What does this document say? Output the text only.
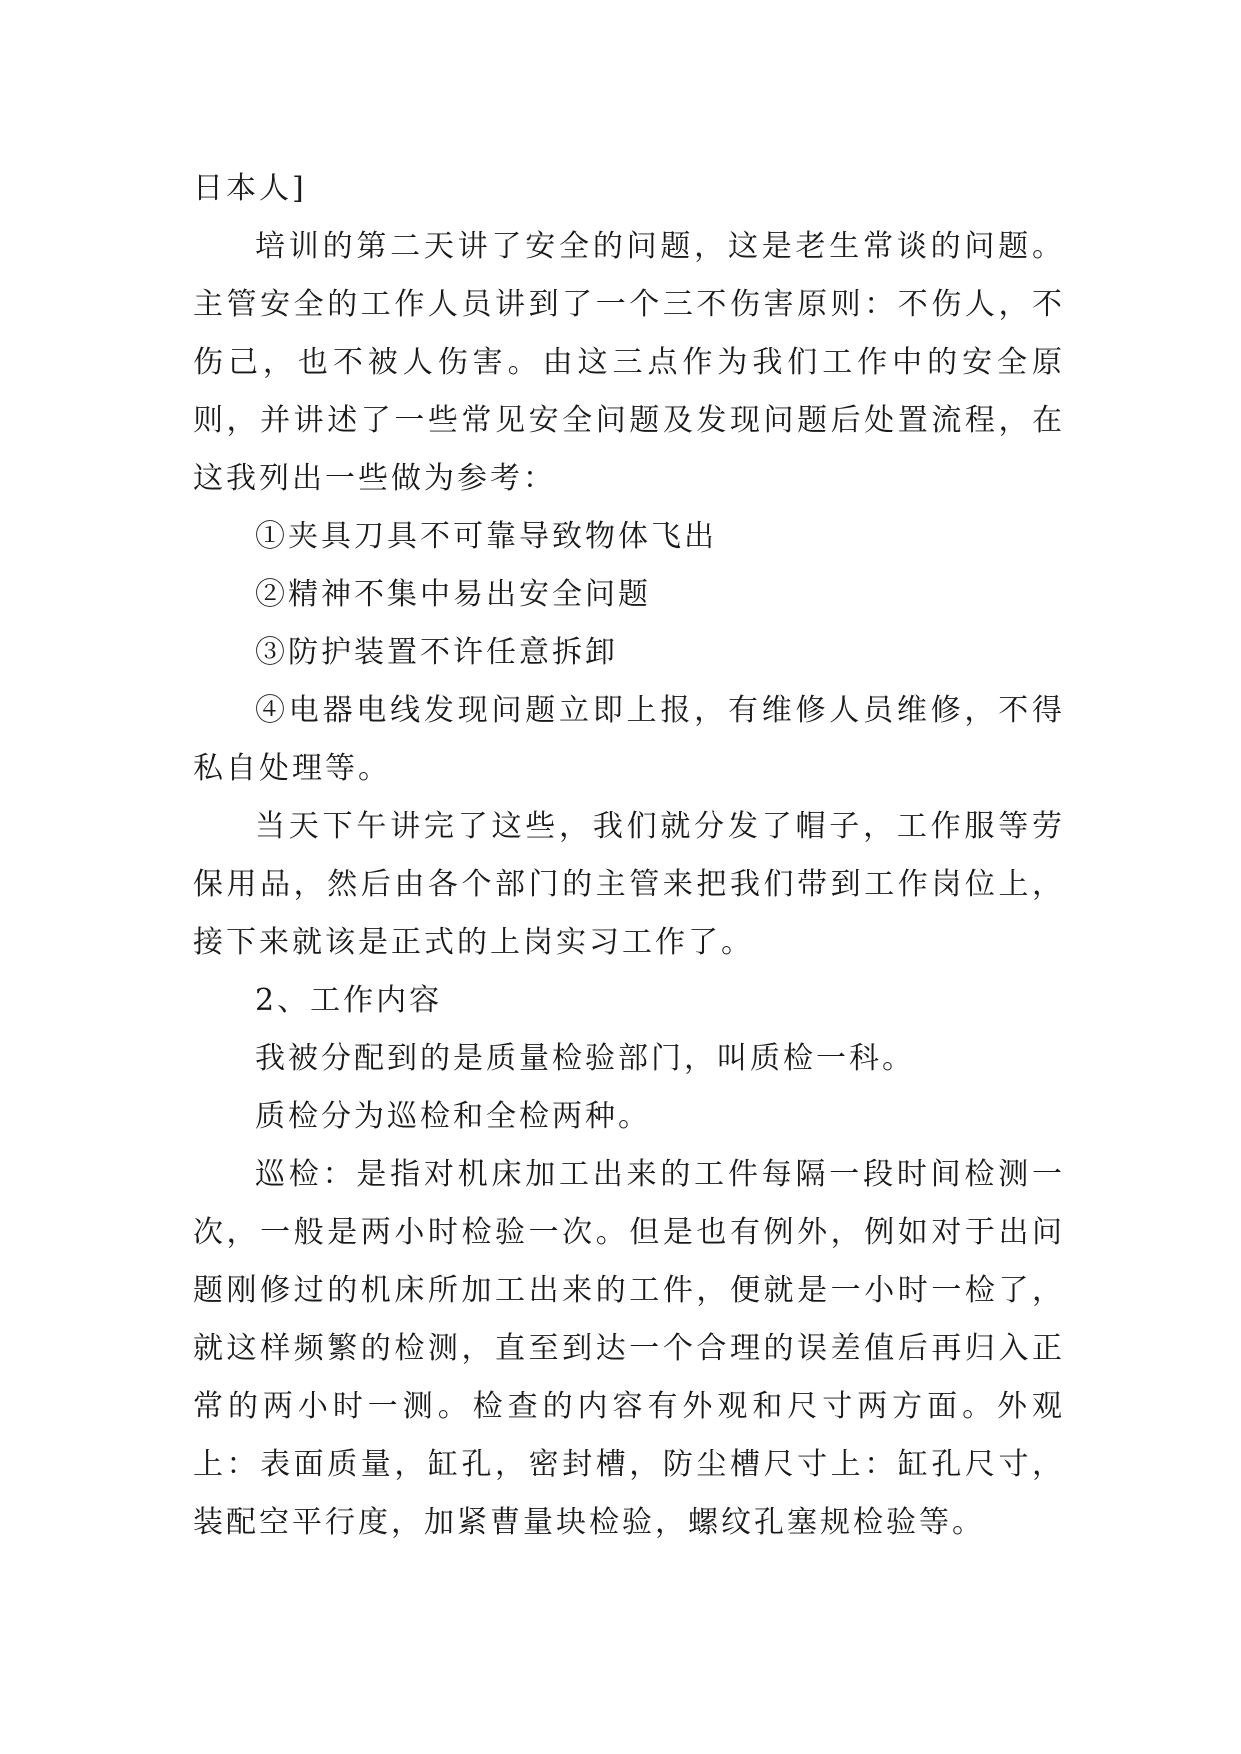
日本人]

培训的第二天讲了安全的问题，这是老生常谈的问题。主管安全的工作人员讲到了一个三不伤害原则：不伤人，不伤己，也不被人伤害。由这三点作为我们工作中的安全原则，并讲述了一些常见安全问题及发现问题后处置流程，在这我列出一些做为参考：

①夹具刀具不可靠导致物体飞出

②精神不集中易出安全问题

③防护装置不许任意拆卸

④电器电线发现问题立即上报，有维修人员维修，不得私自处理等。

当天下午讲完了这些，我们就分发了帽子，工作服等劳保用品，然后由各个部门的主管来把我们带到工作岗位上，接下来就该是正式的上岗实习工作了。

2、工作内容

我被分配到的是质量检验部门，叫质检一科。

质检分为巡检和全检两种。

巡检：是指对机床加工出来的工件每隔一段时间检测一次，一般是两小时检验一次。但是也有例外，例如对于出问题刚修过的机床所加工出来的工件，便就是一小时一检了，就这样频繁的检测，直至到达一个合理的误差值后再归入正常的两小时一测。检查的内容有外观和尺寸两方面。外观上：表面质量，缸孔，密封槽，防尘槽尺寸上：缸孔尺寸，装配空平行度，加紧曹量块检验，螺纹孔塞规检验等。
